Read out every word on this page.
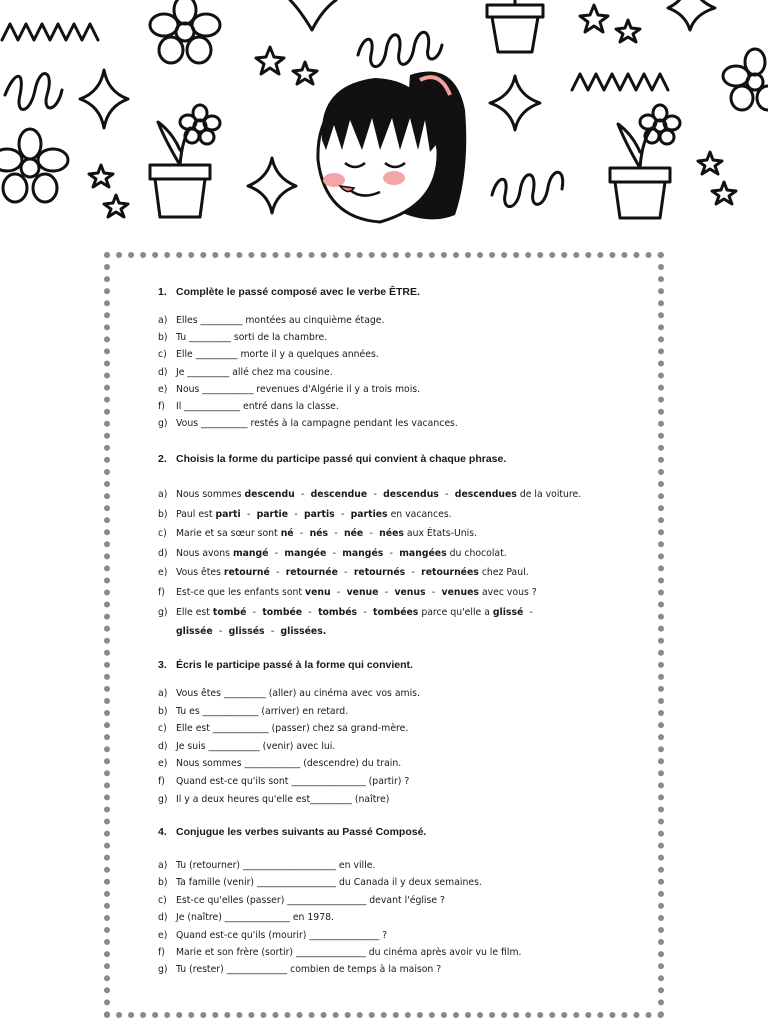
1. Complète le passé composé avec le verbe ÊTRE.

a) Elles _________ montées au cinquième étage.
b) Tu _________ sorti de la chambre.
c) Elle _________ morte il y a quelques années.
d) Je _________ allé chez ma cousine.
e) Nous ___________ revenues d'Algérie il y a trois mois.
f) Il ____________ entré dans la classe.
g) Vous __________ restés à la campagne pendant les vacances.

2. Choisis la forme du participe passé qui convient à chaque phrase.

a) Nous sommes descendu - descendue - descendus - descendues de la voiture.
b) Paul est parti - partie - partis - parties en vacances.
c) Marie et sa sœur sont né - nés - née - nées aux États-Unis.
d) Nous avons mangé - mangée - mangés - mangées du chocolat.
e) Vous êtes retourné - retournée - retournés - retournées chez Paul.
f) Est-ce que les enfants sont venu - venue - venus - venues avec vous ?
g) Elle est tombé - tombée - tombés - tombées parce qu'elle a glissé -
glissée - glissés - glissées.

3. Écris le participe passé à la forme qui convient.

a) Vous êtes _________ (aller) au cinéma avec vos amis.
b) Tu es ____________ (arriver) en retard.
c) Elle est ____________ (passer) chez sa grand-mère.
d) Je suis ___________ (venir) avec lui.
e) Nous sommes ____________ (descendre) du train.
f) Quand est-ce qu'ils sont ________________ (partir) ?
g) Il y a deux heures qu'elle est_________ (naître)

4. Conjugue les verbes suivants au Passé Composé.

a) Tu (retourner) ____________________ en ville.
b) Ta famille (venir) _________________ du Canada il y deux semaines.
c) Est-ce qu'elles (passer) _________________ devant l'église ?
d) Je (naître) ______________ en 1978.
e) Quand est-ce qu'ils (mourir) _______________ ?
f) Marie et son frère (sortir) _______________ du cinéma après avoir vu le film.
g) Tu (rester) _____________ combien de temps à la maison ?
